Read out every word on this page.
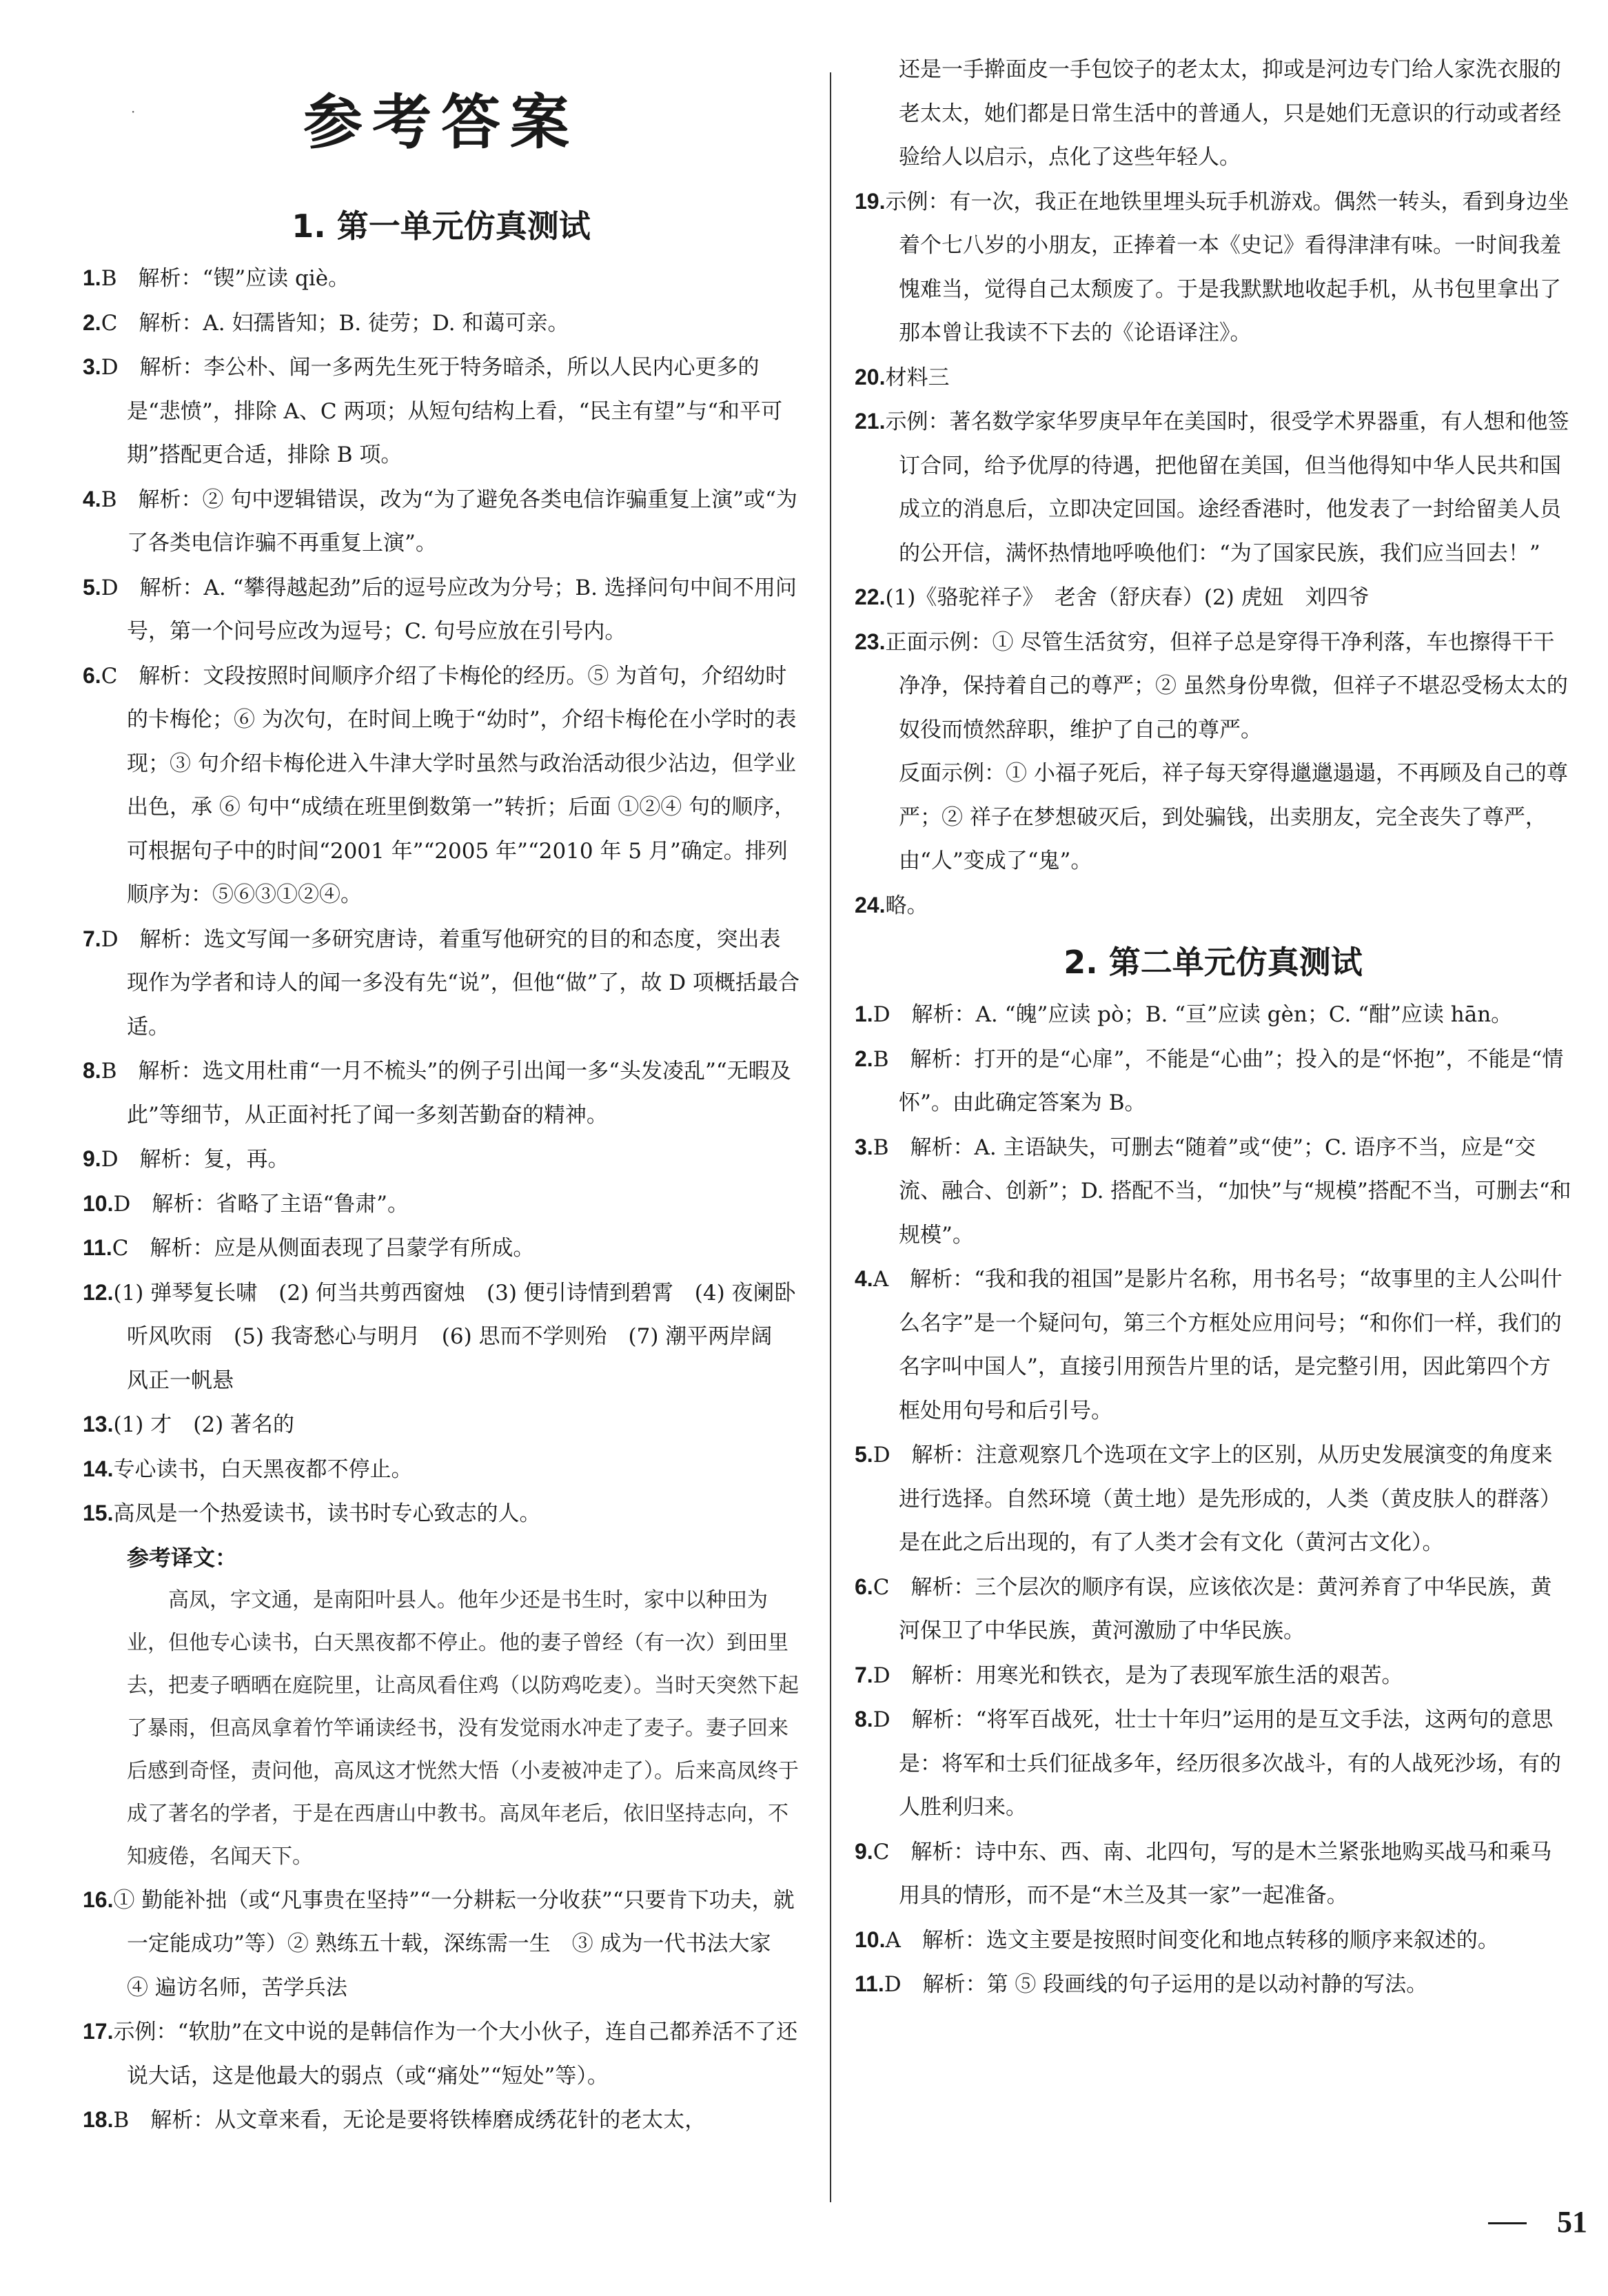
·	参考答案
1. 第一单元仿真测试

1.B　解析：“锲”应读 qiè。

2.C　解析：A. 妇孺皆知；B. 徒劳；D. 和蔼可亲。

3.D　解析：李公朴、闻一多两先生死于特务暗杀，所以人民内心更多的是“悲愤”，排除 A、C 两项；从短句结构上看，“民主有望”与“和平可期”搭配更合适，排除 B 项。

4.B　解析：② 句中逻辑错误，改为“为了避免各类电信诈骗重复上演”或“为了各类电信诈骗不再重复上演”。

5.D　解析：A. “攀得越起劲”后的逗号应改为分号；B. 选择问句中间不用问号，第一个问号应改为逗号；C. 句号应放在引号内。

6.C　解析：文段按照时间顺序介绍了卡梅伦的经历。⑤ 为首句，介绍幼时的卡梅伦；⑥ 为次句，在时间上晚于“幼时”，介绍卡梅伦在小学时的表现；③ 句介绍卡梅伦进入牛津大学时虽然与政治活动很少沾边，但学业出色，承 ⑥ 句中“成绩在班里倒数第一”转折；后面 ①②④ 句的顺序，可根据句子中的时间“2001 年”“2005 年”“2010 年 5 月”确定。排列顺序为：⑤⑥③①②④。

7.D　解析：选文写闻一多研究唐诗，着重写他研究的目的和态度，突出表现作为学者和诗人的闻一多没有先“说”，但他“做”了，故 D 项概括最合适。

8.B　解析：选文用杜甫“一月不梳头”的例子引出闻一多“头发凌乱”“无暇及此”等细节，从正面衬托了闻一多刻苦勤奋的精神。

9.D　解析：复，再。

10.D　解析：省略了主语“鲁肃”。

11.C　解析：应是从侧面表现了吕蒙学有所成。

12.(1) 弹琴复长啸　(2) 何当共剪西窗烛　(3) 便引诗情到碧霄　(4) 夜阑卧听风吹雨　(5) 我寄愁心与明月　(6) 思而不学则殆　(7) 潮平两岸阔　风正一帆悬

13.(1) 才　(2) 著名的

14.专心读书，白天黑夜都不停止。

15.高凤是一个热爱读书，读书时专心致志的人。

参考译文：

高凤，字文通，是南阳叶县人。他年少还是书生时，家中以种田为业，但他专心读书，白天黑夜都不停止。他的妻子曾经（有一次）到田里去，把麦子晒晒在庭院里，让高凤看住鸡（以防鸡吃麦）。当时天突然下起了暴雨，但高凤拿着竹竿诵读经书，没有发觉雨水冲走了麦子。妻子回来后感到奇怪，责问他，高凤这才恍然大悟（小麦被冲走了）。后来高凤终于成了著名的学者，于是在西唐山中教书。高凤年老后，依旧坚持志向，不知疲倦，名闻天下。

16.① 勤能补拙（或“凡事贵在坚持”“一分耕耘一分收获”“只要肯下功夫，就一定能成功”等）② 熟练五十载，深练需一生　③ 成为一代书法大家　④ 遍访名师，苦学兵法

17.示例：“软肋”在文中说的是韩信作为一个大小伙子，连自己都养活不了还说大话，这是他最大的弱点（或“痛处”“短处”等）。

18.B　解析：从文章来看，无论是要将铁棒磨成绣花针的老太太，

还是一手擀面皮一手包饺子的老太太，抑或是河边专门给人家洗衣服的老太太，她们都是日常生活中的普通人，只是她们无意识的行动或者经验给人以启示，点化了这些年轻人。

19.示例：有一次，我正在地铁里埋头玩手机游戏。偶然一转头，看到身边坐着个七八岁的小朋友，正捧着一本《史记》看得津津有味。一时间我羞愧难当，觉得自己太颓废了。于是我默默地收起手机，从书包里拿出了那本曾让我读不下去的《论语译注》。

20.材料三

21.示例：著名数学家华罗庚早年在美国时，很受学术界器重，有人想和他签订合同，给予优厚的待遇，把他留在美国，但当他得知中华人民共和国成立的消息后，立即决定回国。途经香港时，他发表了一封给留美人员的公开信，满怀热情地呼唤他们：“为了国家民族，我们应当回去！”

22.(1)《骆驼祥子》　老舍（舒庆春）(2) 虎妞　刘四爷

23.正面示例：① 尽管生活贫穷，但祥子总是穿得干净利落，车也擦得干干净净，保持着自己的尊严；② 虽然身份卑微，但祥子不堪忍受杨太太的奴役而愤然辞职，维护了自己的尊严。

反面示例：① 小福子死后，祥子每天穿得邋邋遢遢，不再顾及自己的尊严；② 祥子在梦想破灭后，到处骗钱，出卖朋友，完全丧失了尊严，由“人”变成了“鬼”。

24.略。

2. 第二单元仿真测试

1.D　解析：A. “魄”应读 pò；B. “亘”应读 gèn；C. “酣”应读 hān。

2.B　解析：打开的是“心扉”，不能是“心曲”；投入的是“怀抱”，不能是“情怀”。由此确定答案为 B。

3.B　解析：A. 主语缺失，可删去“随着”或“使”；C. 语序不当，应是“交流、融合、创新”；D. 搭配不当，“加快”与“规模”搭配不当，可删去“和规模”。

4.A　解析：“我和我的祖国”是影片名称，用书名号；“故事里的主人公叫什么名字”是一个疑问句，第三个方框处应用问号；“和你们一样，我们的名字叫中国人”，直接引用预告片里的话，是完整引用，因此第四个方框处用句号和后引号。

5.D　解析：注意观察几个选项在文字上的区别，从历史发展演变的角度来进行选择。自然环境（黄土地）是先形成的，人类（黄皮肤人的群落）是在此之后出现的，有了人类才会有文化（黄河古文化）。

6.C　解析：三个层次的顺序有误，应该依次是：黄河养育了中华民族，黄河保卫了中华民族，黄河激励了中华民族。

7.D　解析：用寒光和铁衣，是为了表现军旅生活的艰苦。

8.D　解析：“将军百战死，壮士十年归”运用的是互文手法，这两句的意思是：将军和士兵们征战多年，经历很多次战斗，有的人战死沙场，有的人胜利归来。

9.C　解析：诗中东、西、南、北四句，写的是木兰紧张地购买战马和乘马用具的情形，而不是“木兰及其一家”一起准备。

10.A　解析：选文主要是按照时间变化和地点转移的顺序来叙述的。

11.D　解析：第 ⑤ 段画线的句子运用的是以动衬静的写法。

51
